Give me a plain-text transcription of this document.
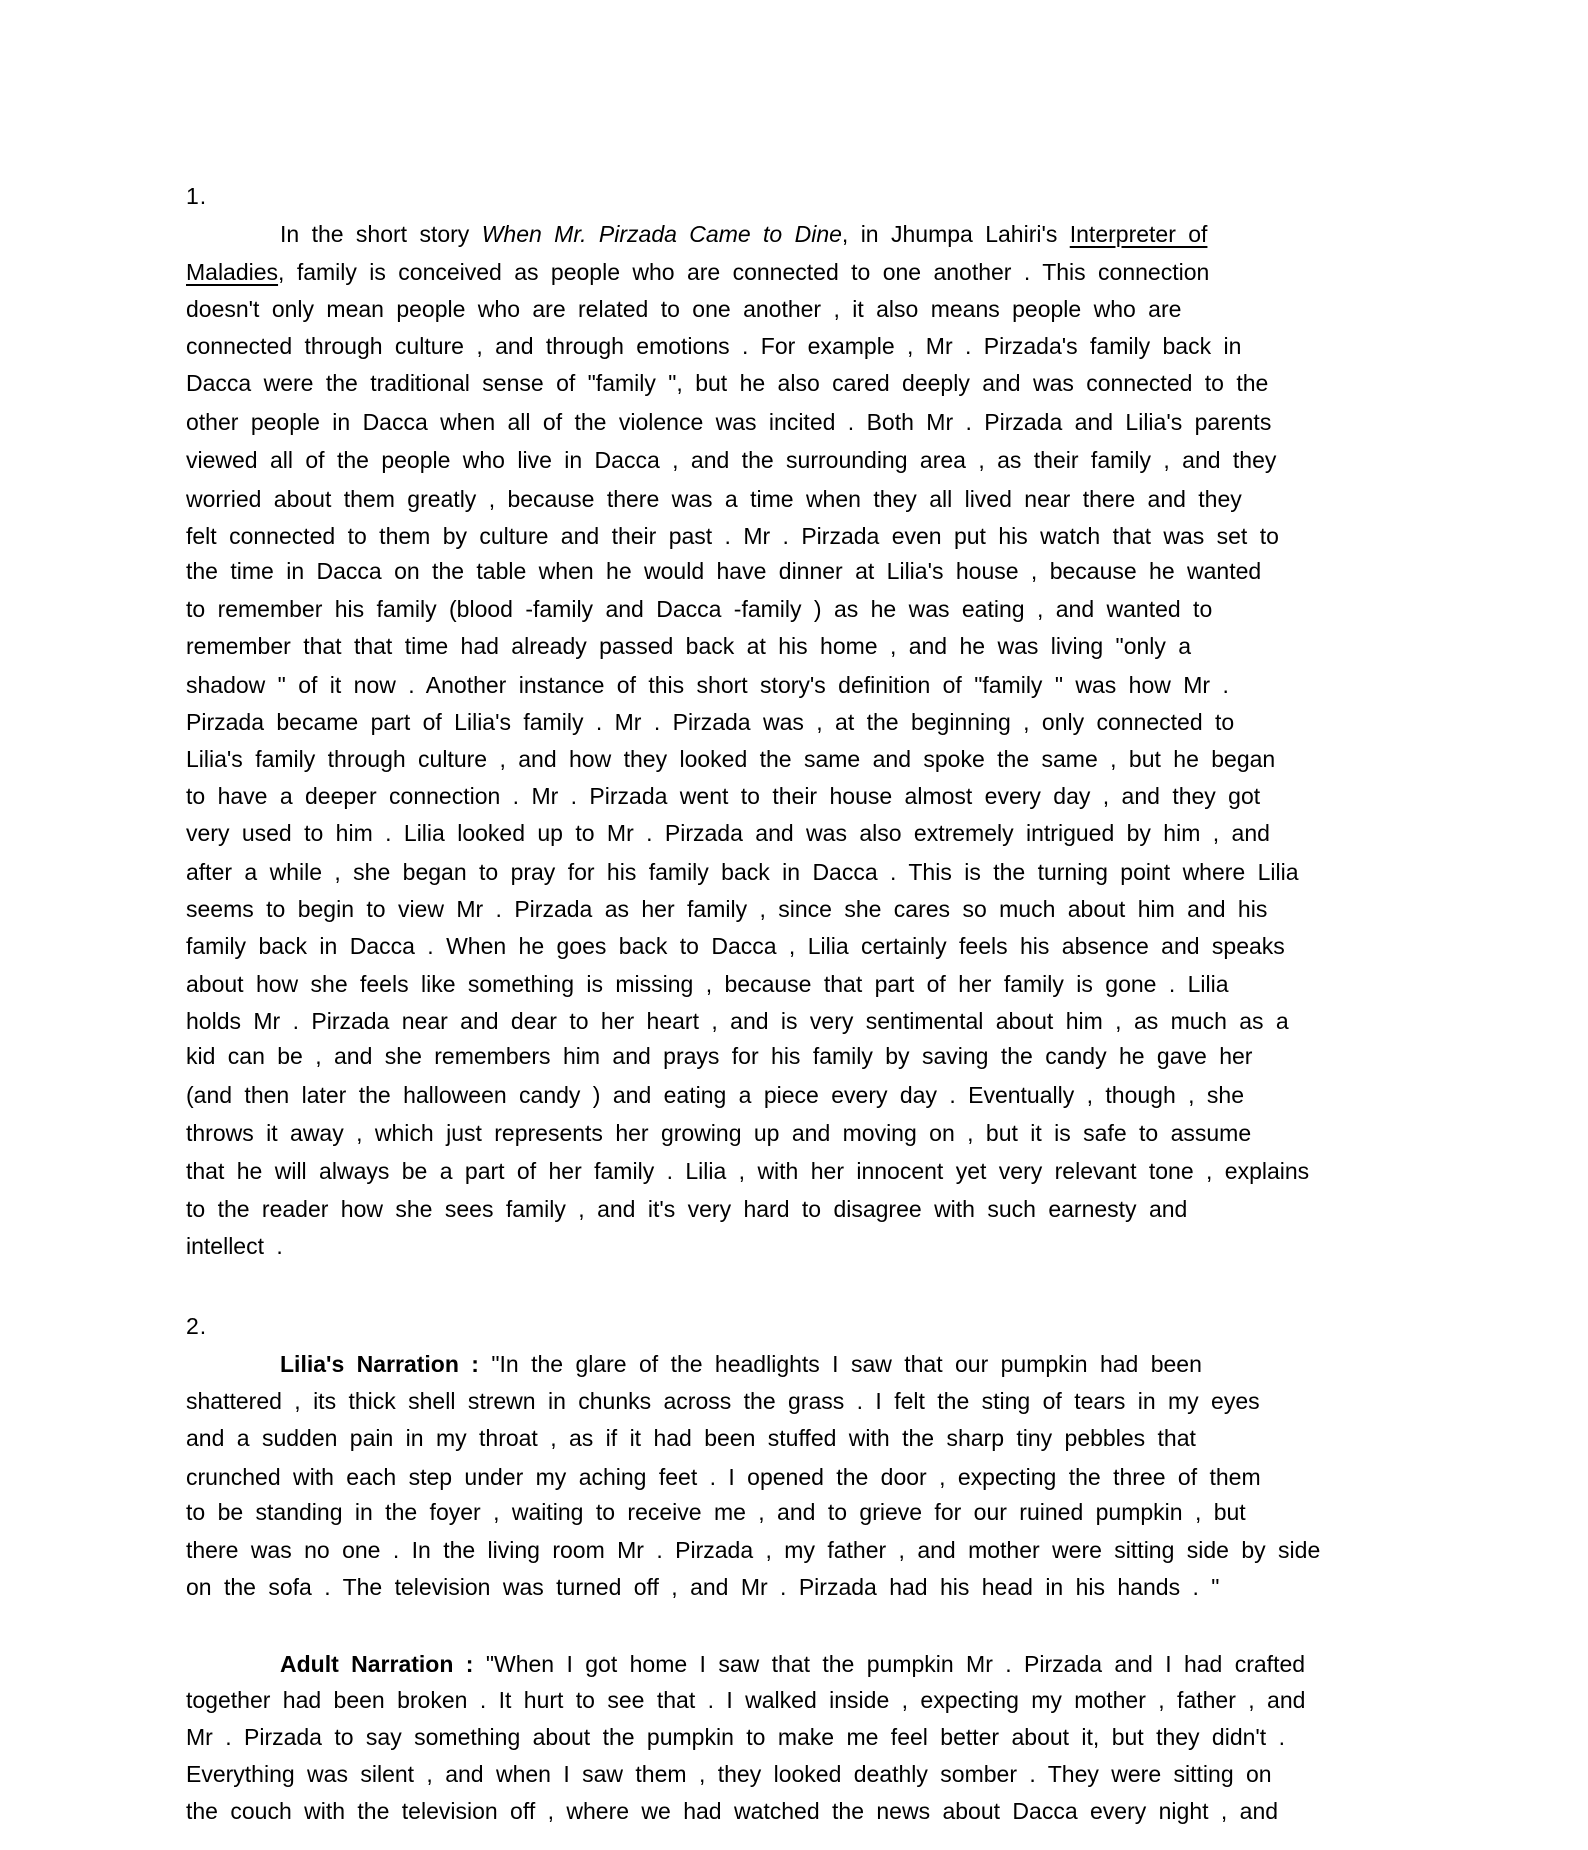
1.
In the short story When Mr. Pirzada Came to Dine, in Jhumpa Lahiri's Interpreter of
Maladies, family is conceived as people who are connected to one another . This connection
doesn't only mean people who are related to one another , it also means people who are
connected through culture , and through emotions . For example , Mr . Pirzada's family back in
Dacca were the traditional sense of "family ", but he also cared deeply and was connected to the
other people in Dacca when all of the violence was incited . Both Mr . Pirzada and Lilia's parents
viewed all of the people who live in Dacca , and the surrounding area , as their family , and they
worried about them greatly , because there was a time when they all lived near there and they
felt connected to them by culture and their past . Mr . Pirzada even put his watch that was set to
the time in Dacca on the table when he would have dinner at Lilia's house , because he wanted
to remember his family (blood -family and Dacca -family ) as he was eating , and wanted to
remember that that time had already passed back at his home , and he was living "only a
shadow " of it now . Another instance of this short story's definition of "family " was how Mr .
Pirzada became part of Lilia's family . Mr . Pirzada was , at the beginning , only connected to
Lilia's family through culture , and how they looked the same and spoke the same , but he began
to have a deeper connection . Mr . Pirzada went to their house almost every day , and they got
very used to him . Lilia looked up to Mr . Pirzada and was also extremely intrigued by him , and
after a while , she began to pray for his family back in Dacca . This is the turning point where Lilia
seems to begin to view Mr . Pirzada as her family , since she cares so much about him and his
family back in Dacca . When he goes back to Dacca , Lilia certainly feels his absence and speaks
about how she feels like something is missing , because that part of her family is gone . Lilia
holds Mr . Pirzada near and dear to her heart , and is very sentimental about him , as much as a
kid can be , and she remembers him and prays for his family by saving the candy he gave her
(and then later the halloween candy ) and eating a piece every day . Eventually , though , she
throws it away , which just represents her growing up and moving on , but it is safe to assume
that he will always be a part of her family . Lilia , with her innocent yet very relevant tone , explains
to the reader how she sees family , and it's very hard to disagree with such earnesty and
intellect .
2.
Lilia's Narration : "In the glare of the headlights I saw that our pumpkin had been
shattered , its thick shell strewn in chunks across the grass . I felt the sting of tears in my eyes
and a sudden pain in my throat , as if it had been stuffed with the sharp tiny pebbles that
crunched with each step under my aching feet . I opened the door , expecting the three of them
to be standing in the foyer , waiting to receive me , and to grieve for our ruined pumpkin , but
there was no one . In the living room Mr . Pirzada , my father , and mother were sitting side by side
on the sofa . The television was turned off , and Mr . Pirzada had his head in his hands . "
Adult Narration : "When I got home I saw that the pumpkin Mr . Pirzada and I had crafted
together had been broken . It hurt to see that . I walked inside , expecting my mother , father , and
Mr . Pirzada to say something about the pumpkin to make me feel better about it, but they didn't .
Everything was silent , and when I saw them , they looked deathly somber . They were sitting on
the couch with the television off , where we had watched the news about Dacca every night , and
